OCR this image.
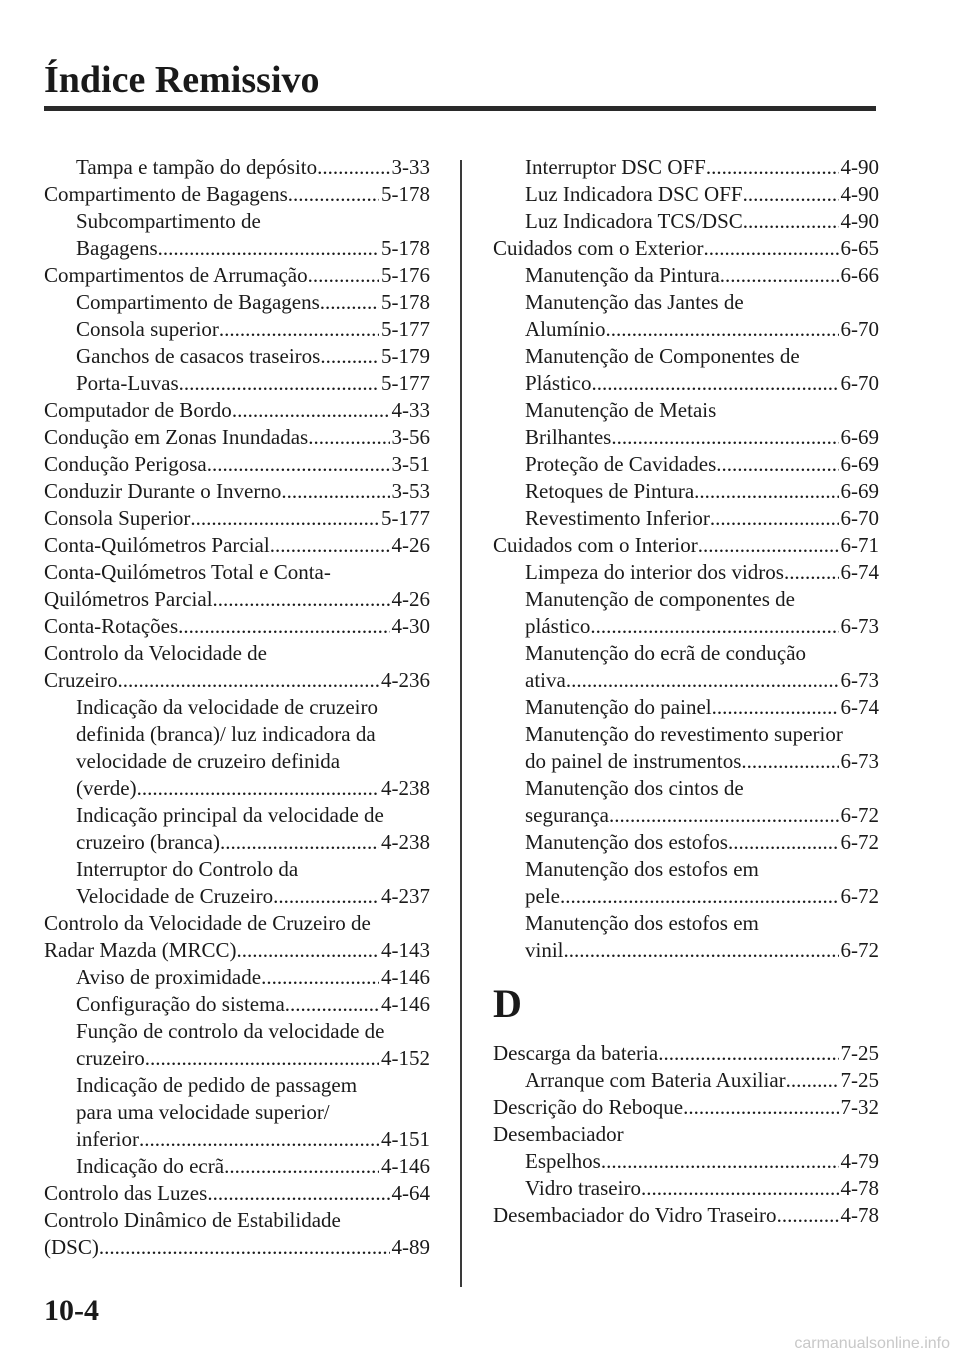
Índice Remissivo
Tampa e tampão do depósito .....	3-33
Compartimento de Bagagens .....	5-178
Subcompartimento de
Bagagens .....	5-178
Compartimentos de Arrumação .....	5-176
Compartimento de Bagagens .....	5-178
Consola superior .....	5-177
Ganchos de casacos traseiros .....	5-179
Porta-Luvas .....	5-177
Computador de Bordo .....	4-33
Condução em Zonas Inundadas .....	3-56
Condução Perigosa .....	3-51
Conduzir Durante o Inverno .....	3-53
Consola Superior .....	5-177
Conta-Quilómetros Parcial .....	4-26
Conta-Quilómetros Total e Conta-
Quilómetros Parcial .....	4-26
Conta-Rotações .....	4-30
Controlo da Velocidade de
Cruzeiro .....	4-236
Indicação da velocidade de cruzeiro
definida (branca)/ luz indicadora da
velocidade de cruzeiro definida
(verde) .....	4-238
Indicação principal da velocidade de
cruzeiro (branca) .....	4-238
Interruptor do Controlo da
Velocidade de Cruzeiro .....	4-237
Controlo da Velocidade de Cruzeiro de
Radar Mazda (MRCC) .....	4-143
Aviso de proximidade .....	4-146
Configuração do sistema .....	4-146
Função de controlo da velocidade de
cruzeiro .....	4-152
Indicação de pedido de passagem
para uma velocidade superior/
inferior .....	4-151
Indicação do ecrã .....	4-146
Controlo das Luzes .....	4-64
Controlo Dinâmico de Estabilidade
(DSC) .....	4-89
Interruptor DSC OFF .....	4-90
Luz Indicadora DSC OFF .....	4-90
Luz Indicadora TCS/DSC .....	4-90
Cuidados com o Exterior .....	6-65
Manutenção da Pintura .....	6-66
Manutenção das Jantes de
Alumínio .....	6-70
Manutenção de Componentes de
Plástico .....	6-70
Manutenção de Metais
Brilhantes .....	6-69
Proteção de Cavidades .....	6-69
Retoques de Pintura .....	6-69
Revestimento Inferior .....	6-70
Cuidados com o Interior .....	6-71
Limpeza do interior dos vidros .....	6-74
Manutenção de componentes de
plástico .....	6-73
Manutenção do ecrã de condução
ativa .....	6-73
Manutenção do painel .....	6-74
Manutenção do revestimento superior
do painel de instrumentos .....	6-73
Manutenção dos cintos de
segurança .....	6-72
Manutenção dos estofos .....	6-72
Manutenção dos estofos em
pele .....	6-72
Manutenção dos estofos em
vinil .....	6-72
D
Descarga da bateria .....	7-25
Arranque com Bateria Auxiliar .....	7-25
Descrição do Reboque .....	7-32
Desembaciador
Espelhos .....	4-79
Vidro traseiro .....	4-78
Desembaciador do Vidro Traseiro .....	4-78
10-4
carmanualsonline.info
